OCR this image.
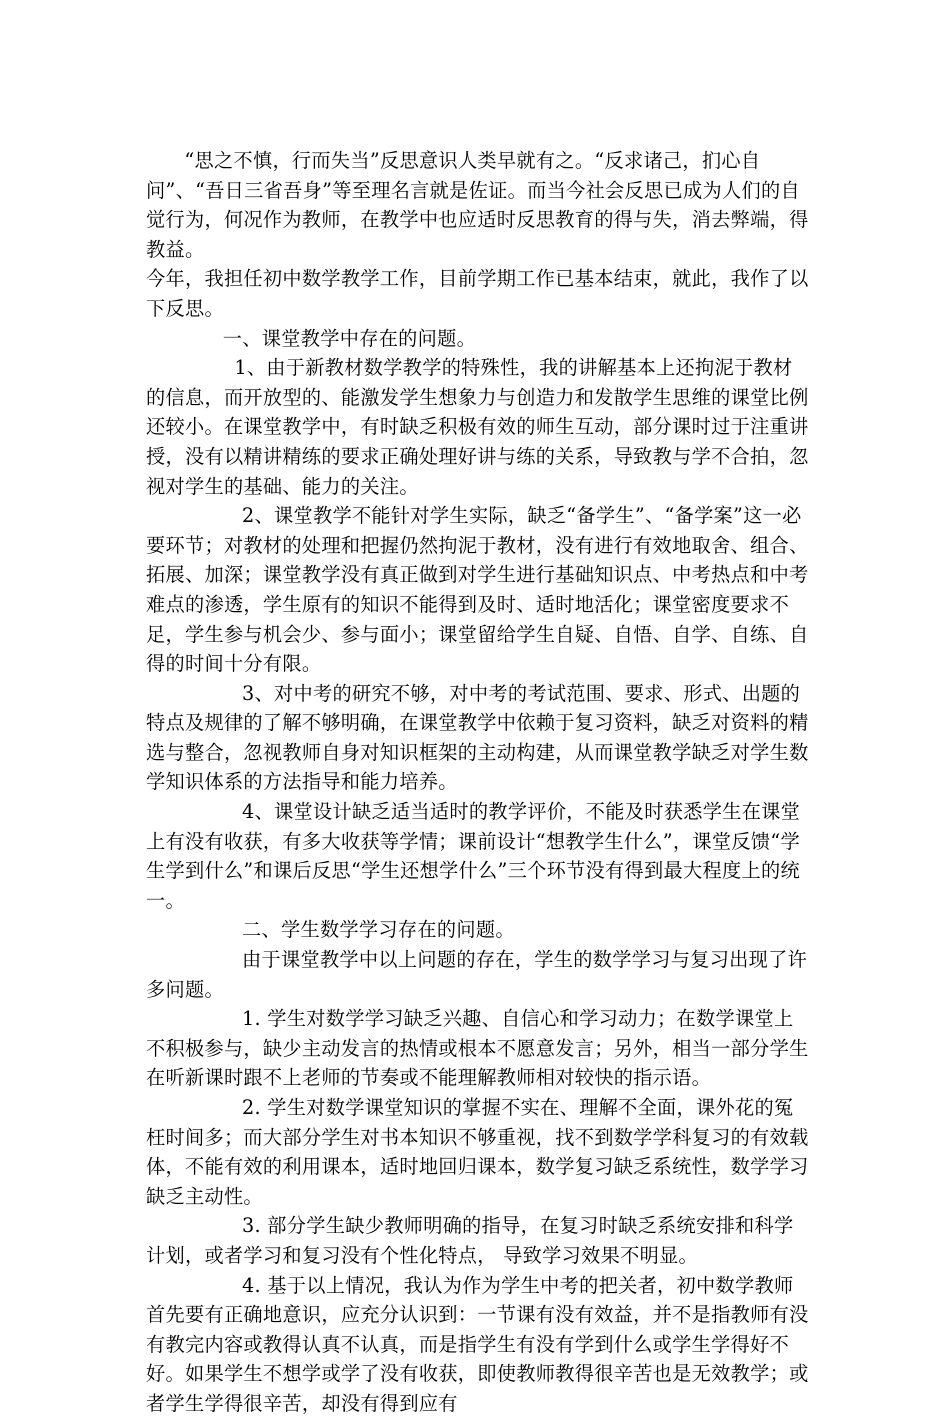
“思之不慎，行而失当”反思意识人类早就有之。“反求诸己，扪心自问”、“吾日三省吾身”等至理名言就是佐证。而当今社会反思已成为人们的自觉行为，何况作为教师，在教学中也应适时反思教育的得与失，消去弊端，得教益。

今年，我担任初中数学教学工作，目前学期工作已基本结束，就此，我作了以下反思。

一、课堂教学中存在的问题。

1、由于新教材数学教学的特殊性，我的讲解基本上还拘泥于教材的信息，而开放型的、能激发学生想象力与创造力和发散学生思维的课堂比例还较小。在课堂教学中，有时缺乏积极有效的师生互动，部分课时过于注重讲授，没有以精讲精练的要求正确处理好讲与练的关系，导致教与学不合拍，忽视对学生的基础、能力的关注。

2、课堂教学不能针对学生实际，缺乏“备学生”、“备学案”这一必要环节；对教材的处理和把握仍然拘泥于教材，没有进行有效地取舍、组合、拓展、加深；课堂教学没有真正做到对学生进行基础知识点、中考热点和中考难点的渗透，学生原有的知识不能得到及时、适时地活化；课堂密度要求不足，学生参与机会少、参与面小；课堂留给学生自疑、自悟、自学、自练、自得的时间十分有限。

3、对中考的研究不够，对中考的考试范围、要求、形式、出题的特点及规律的了解不够明确，在课堂教学中依赖于复习资料，缺乏对资料的精选与整合，忽视教师自身对知识框架的主动构建，从而课堂教学缺乏对学生数学知识体系的方法指导和能力培养。

4、课堂设计缺乏适当适时的教学评价，不能及时获悉学生在课堂上有没有收获，有多大收获等学情；课前设计“想教学生什么”，课堂反馈“学生学到什么”和课后反思“学生还想学什么”三个环节没有得到最大程度上的统一。

二、学生数学学习存在的问题。

由于课堂教学中以上问题的存在，学生的数学学习与复习出现了许多问题。

1. 学生对数学学习缺乏兴趣、自信心和学习动力；在数学课堂上不积极参与，缺少主动发言的热情或根本不愿意发言；另外，相当一部分学生在听新课时跟不上老师的节奏或不能理解教师相对较快的指示语。

2. 学生对数学课堂知识的掌握不实在、理解不全面，课外花的冤枉时间多；而大部分学生对书本知识不够重视，找不到数学学科复习的有效载体，不能有效的利用课本，适时地回归课本，数学复习缺乏系统性，数学学习缺乏主动性。

3. 部分学生缺少教师明确的指导，在复习时缺乏系统安排和科学计划，或者学习和复习没有个性化特点， 导致学习效果不明显。

4. 基于以上情况，我认为作为学生中考的把关者，初中数学教师首先要有正确地意识，应充分认识到：一节课有没有效益，并不是指教师有没有教完内容或教得认真不认真，而是指学生有没有学到什么或学生学得好不好。如果学生不想学或学了没有收获，即使教师教得很辛苦也是无效教学；或者学生学得很辛苦，却没有得到应有
